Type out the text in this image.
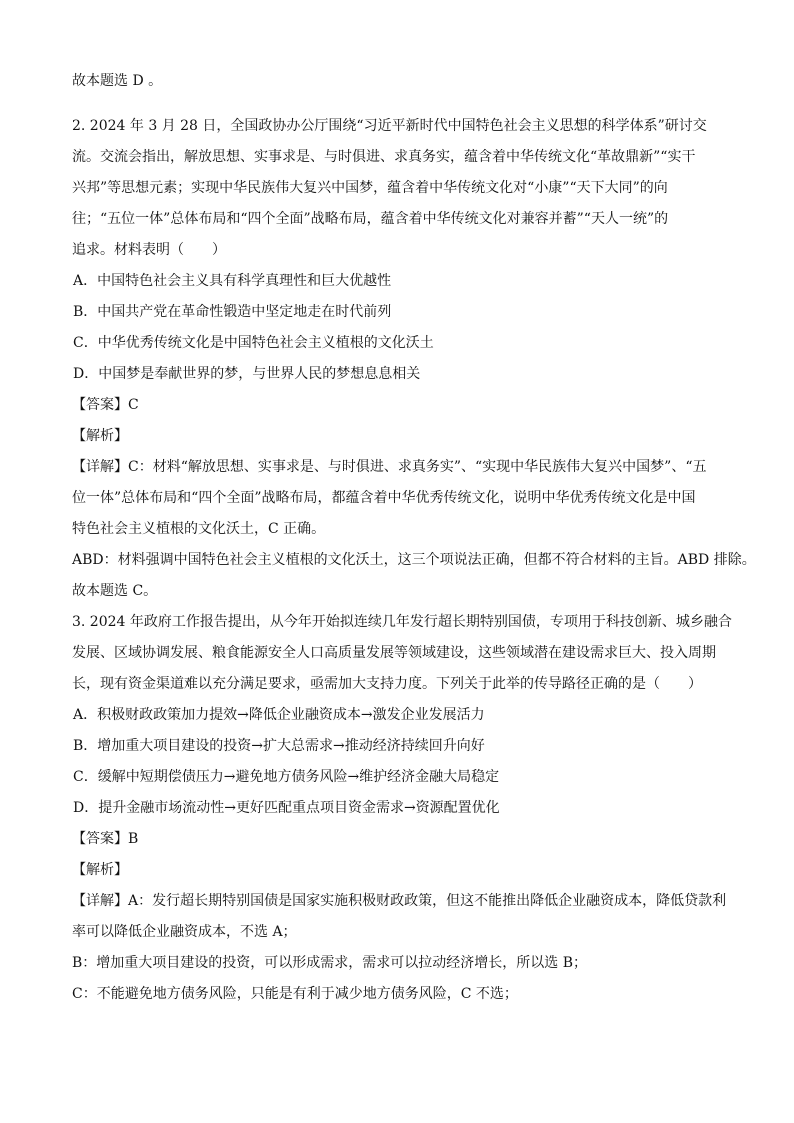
故本题选 D 。
2. 2024 年 3 月 28 日，全国政协办公厅围绕“习近平新时代中国特色社会主义思想的科学体系”研讨交
流。交流会指出，解放思想、实事求是、与时俱进、求真务实，蕴含着中华传统文化“革故鼎新”“实干
兴邦”等思想元素；实现中华民族伟大复兴中国梦，蕴含着中华传统文化对“小康”“天下大同”的向
往；“五位一体”总体布局和“四个全面”战略布局，蕴含着中华传统文化对兼容并蓄”“天人一统”的
追求。材料表明（　　）
A．中国特色社会主义具有科学真理性和巨大优越性
B．中国共产党在革命性锻造中坚定地走在时代前列
C．中华优秀传统文化是中国特色社会主义植根的文化沃土
D．中国梦是奉献世界的梦，与世界人民的梦想息息相关
【答案】C
【解析】
【详解】C：材料“解放思想、实事求是、与时俱进、求真务实”、“实现中华民族伟大复兴中国梦”、“五
位一体”总体布局和“四个全面”战略布局，都蕴含着中华优秀传统文化，说明中华优秀传统文化是中国
特色社会主义植根的文化沃土，C 正确。
ABD：材料强调中国特色社会主义植根的文化沃土，这三个项说法正确，但都不符合材料的主旨。ABD 排除。
故本题选 C。
3. 2024 年政府工作报告提出，从今年开始拟连续几年发行超长期特别国债，专项用于科技创新、城乡融合
发展、区域协调发展、粮食能源安全人口高质量发展等领域建设，这些领域潜在建设需求巨大、投入周期
长，现有资金渠道难以充分满足要求，亟需加大支持力度。下列关于此举的传导路径正确的是（　　）
A．积极财政政策加力提效→降低企业融资成本→激发企业发展活力
B．增加重大项目建设的投资→扩大总需求→推动经济持续回升向好
C．缓解中短期偿债压力→避免地方债务风险→维护经济金融大局稳定
D．提升金融市场流动性→更好匹配重点项目资金需求→资源配置优化
【答案】B
【解析】
【详解】A：发行超长期特别国债是国家实施积极财政政策，但这不能推出降低企业融资成本，降低贷款利
率可以降低企业融资成本，不选 A；
B：增加重大项目建设的投资，可以形成需求，需求可以拉动经济增长，所以选 B；
C：不能避免地方债务风险，只能是有利于减少地方债务风险，C 不选；
